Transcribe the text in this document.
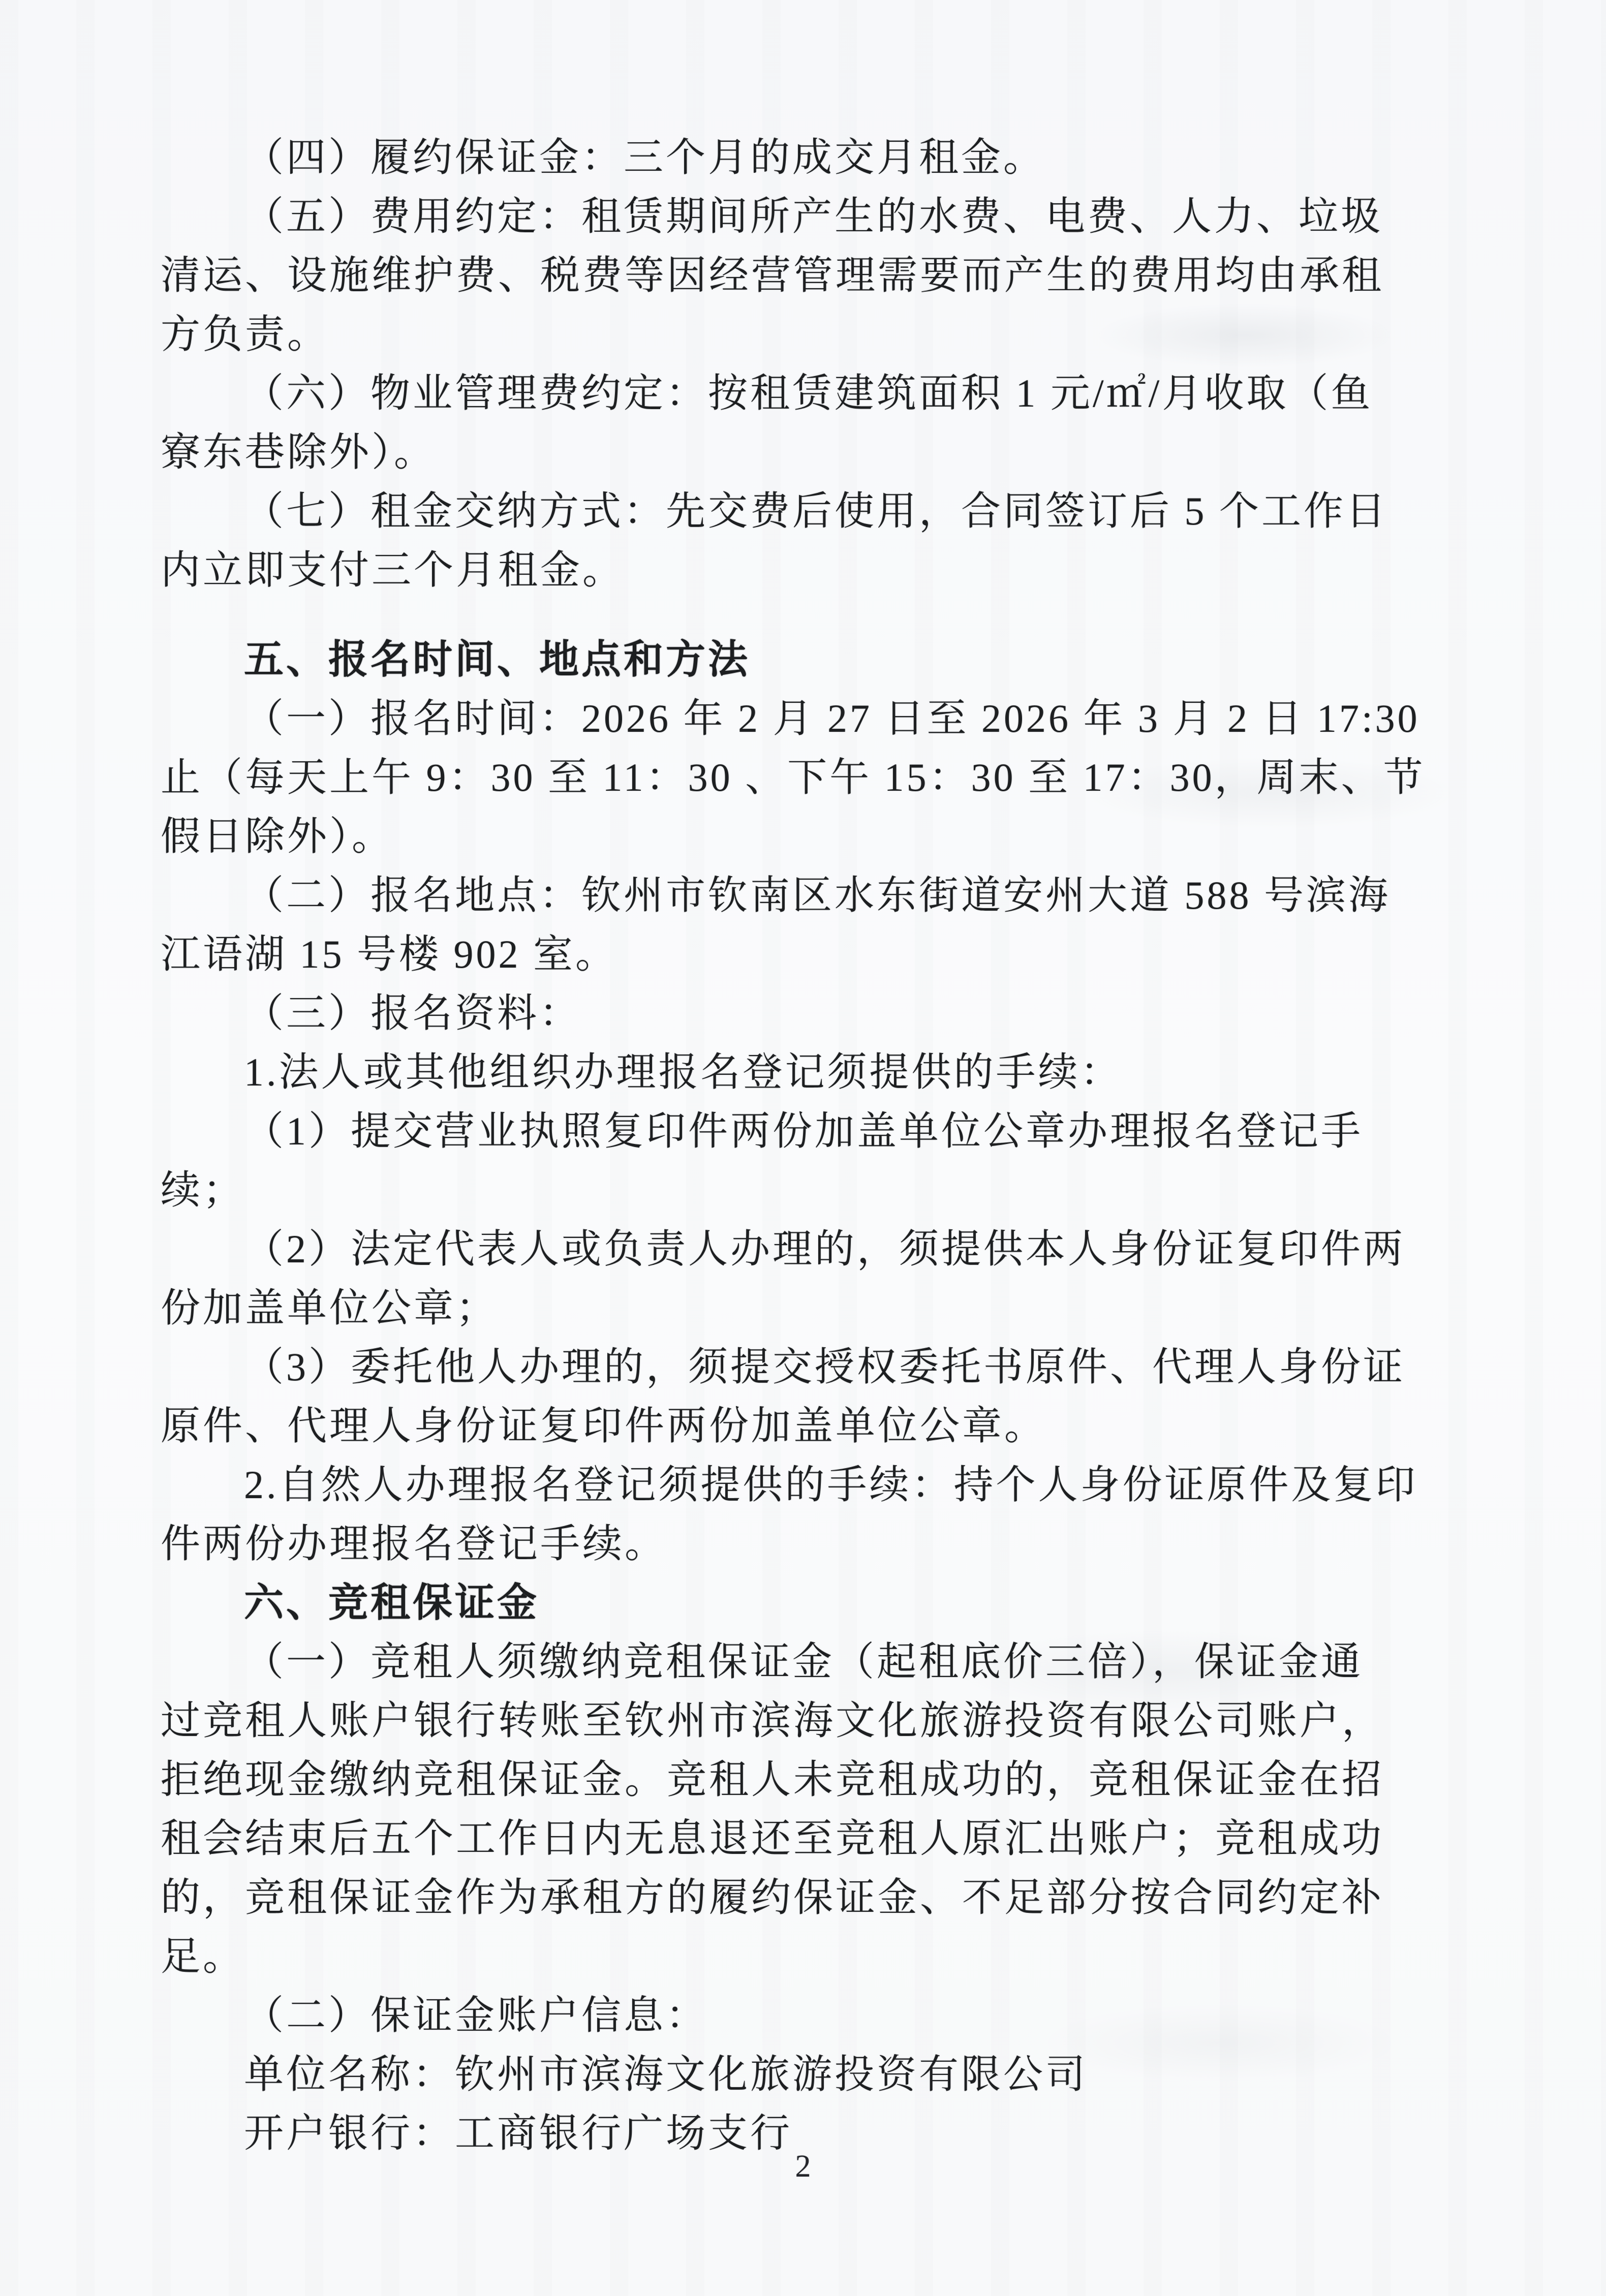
（四）履约保证金：三个月的成交月租金。
（五）费用约定：租赁期间所产生的水费、电费、人力、垃圾
清运、设施维护费、税费等因经营管理需要而产生的费用均由承租
方负责。
（六）物业管理费约定：按租赁建筑面积 1 元/㎡/月收取（鱼
寮东巷除外）。
（七）租金交纳方式：先交费后使用，合同签订后 5 个工作日
内立即支付三个月租金。
五、报名时间、地点和方法
（一）报名时间：2026 年 2 月 27 日至 2026 年 3 月 2 日 17:30
止（每天上午 9：30 至 11：30 、下午 15：30 至 17：30，周末、节
假日除外）。
（二）报名地点：钦州市钦南区水东街道安州大道 588 号滨海
江语湖 15 号楼 902 室。
（三）报名资料：
1.法人或其他组织办理报名登记须提供的手续：
（1）提交营业执照复印件两份加盖单位公章办理报名登记手
续；
（2）法定代表人或负责人办理的，须提供本人身份证复印件两
份加盖单位公章；
（3）委托他人办理的，须提交授权委托书原件、代理人身份证
原件、代理人身份证复印件两份加盖单位公章。
2.自然人办理报名登记须提供的手续：持个人身份证原件及复印
件两份办理报名登记手续。
六、竞租保证金
（一）竞租人须缴纳竞租保证金（起租底价三倍），保证金通
过竞租人账户银行转账至钦州市滨海文化旅游投资有限公司账户，
拒绝现金缴纳竞租保证金。竞租人未竞租成功的，竞租保证金在招
租会结束后五个工作日内无息退还至竞租人原汇出账户；竞租成功
的，竞租保证金作为承租方的履约保证金、不足部分按合同约定补
足。
（二）保证金账户信息：
单位名称：钦州市滨海文化旅游投资有限公司
开户银行：工商银行广场支行
2
